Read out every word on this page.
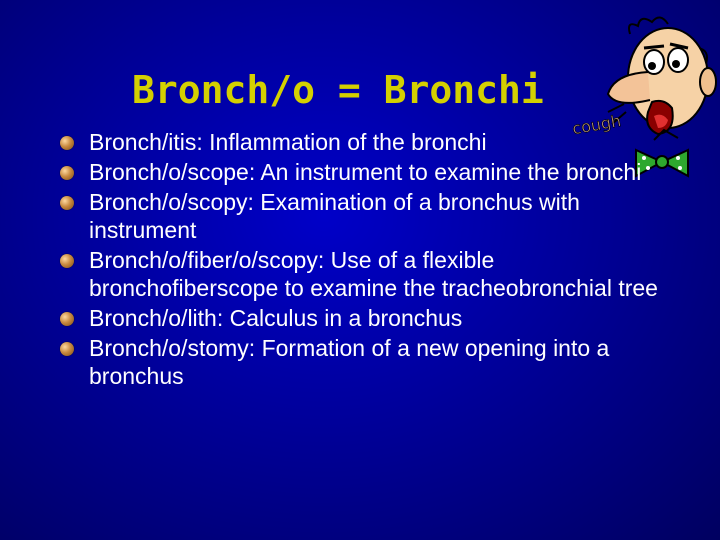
Bronch/o = Bronchi
cough
Bronch/itis: Inflammation of the bronchi
Bronch/o/scope: An instrument to examine the bronchi
Bronch/o/scopy: Examination of a bronchus with instrument
Bronch/o/fiber/o/scopy: Use of a flexible bronchofiberscope to examine the tracheobronchial tree
Bronch/o/lith: Calculus in a bronchus
Bronch/o/stomy: Formation of a new opening into a bronchus
